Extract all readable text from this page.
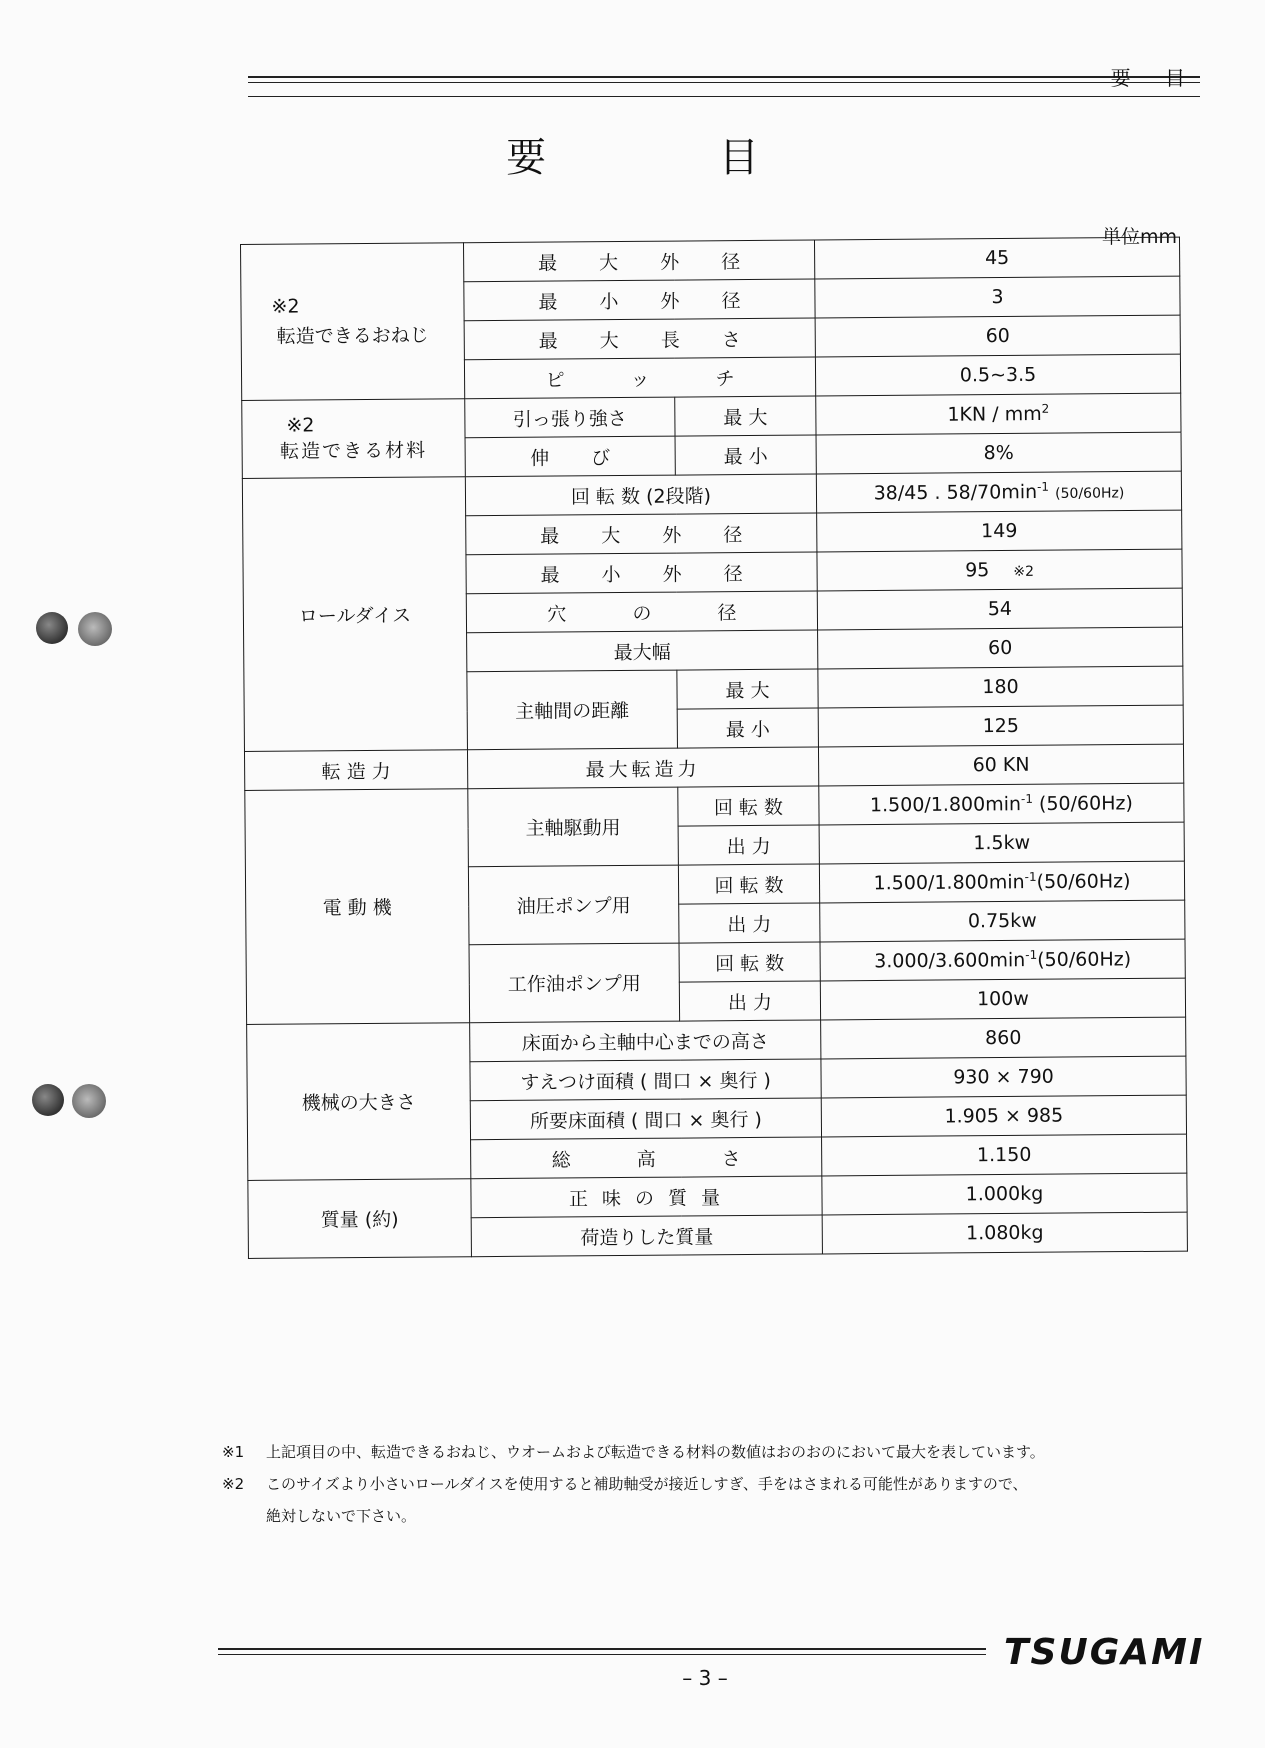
要 目
要 目
単位mm
※2
転造できるおねじ	最 大 外 径		45
	最 小 外 径		3
	最 大 長 さ		60
	ピ ッ チ		0.5~3.5

※2
転造できる材料	引っ張り強さ	最 大	$1KN / mm^2$
	伸 び	最 小	8%
ロールダイス	回 転 数 (2段階)		38/45 . $58/70\min^{-1}$ (50/60Hz)
	最 大 外 径		149
	最 小 外 径		95 ※2
	穴 の 径		54
	最大幅		60
	主軸間の距離	最 大	180
		最 小	125
転 造 力	最大転造力		60 KN
電 動 機	主軸駆動用	回 転 数	$1.500/1.800\min^{-1}$ (50/60Hz)
		出 力	1.5kw
	油圧ポンプ用	回 転 数	$1.500/1.800\min^{-1}(50/60Hz)$
		出 力	0.75kw
	工作油ポンプ用	回 転 数	$3.000/3.600\min^{-1}(50/60Hz)$
		出 力	100w
機械の大きさ	床面から主軸中心までの高さ		860
	すえつけ面積 ( 間口 × 奥行 )		930 × 790
	所要床面積 ( 間口 × 奥行 )		1.905 × 985
	総 高 さ		1.150
質量 (約)	正 味 の 質 量		1.000kg
	荷造りした質量		1.080kg
※1	上記項目の中、転造できるおねじ、ウオームおよび転造できる材料の数値はおのおのにおいて最大を表しています。
※2	このサイズより小さいロールダイスを使用すると補助軸受が接近しすぎ、手をはさまれる可能性がありますので、
絶対しないで下さい。
TSUGAMI
– 3 –
